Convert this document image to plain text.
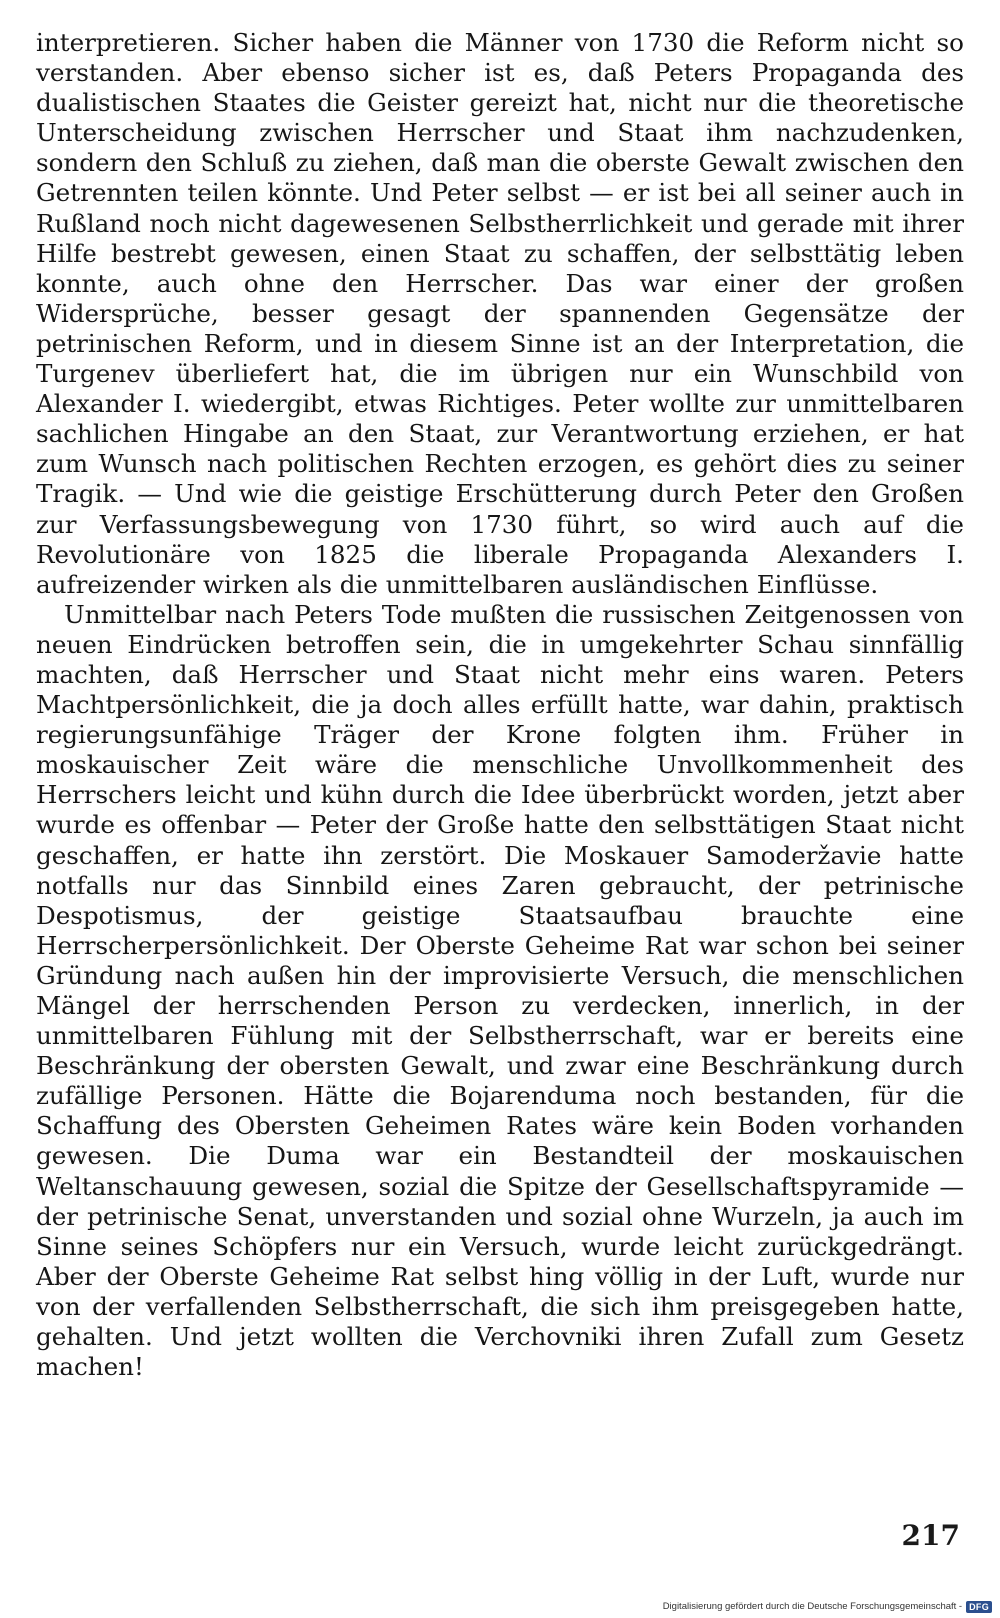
interpretieren. Sicher haben die Männer von 1730 die Reform nicht so verstanden. Aber ebenso sicher ist es, daß Peters Propaganda des dualistischen Staates die Geister gereizt hat, nicht nur die theoretische Unterscheidung zwischen Herrscher und Staat ihm nachzudenken, sondern den Schluß zu ziehen, daß man die oberste Gewalt zwischen den Getrennten teilen könnte. Und Peter selbst — er ist bei all seiner auch in Rußland noch nicht dagewesenen Selbstherrlichkeit und gerade mit ihrer Hilfe bestrebt gewesen, einen Staat zu schaffen, der selbsttätig leben konnte, auch ohne den Herrscher. Das war einer der großen Widersprüche, besser gesagt der spannenden Gegensätze der petrinischen Reform, und in diesem Sinne ist an der Interpretation, die Turgenev überliefert hat, die im übrigen nur ein Wunschbild von Alexander I. wiedergibt, etwas Richtiges. Peter wollte zur unmittelbaren sachlichen Hingabe an den Staat, zur Verantwortung erziehen, er hat zum Wunsch nach politischen Rechten erzogen, es gehört dies zu seiner Tragik. — Und wie die geistige Erschütterung durch Peter den Großen zur Verfassungsbewegung von 1730 führt, so wird auch auf die Revolutionäre von 1825 die liberale Propaganda Alexanders I. aufreizender wirken als die unmittelbaren ausländischen Einflüsse.

Unmittelbar nach Peters Tode mußten die russischen Zeitgenossen von neuen Eindrücken betroffen sein, die in umgekehrter Schau sinnfällig machten, daß Herrscher und Staat nicht mehr eins waren. Peters Machtpersönlichkeit, die ja doch alles erfüllt hatte, war dahin, praktisch regierungsunfähige Träger der Krone folgten ihm. Früher in moskauischer Zeit wäre die menschliche Unvollkommenheit des Herrschers leicht und kühn durch die Idee überbrückt worden, jetzt aber wurde es offenbar — Peter der Große hatte den selbsttätigen Staat nicht geschaffen, er hatte ihn zerstört. Die Moskauer Samoderžavie hatte notfalls nur das Sinnbild eines Zaren gebraucht, der petrinische Despotismus, der geistige Staatsaufbau brauchte eine Herrscherpersönlichkeit. Der Oberste Geheime Rat war schon bei seiner Gründung nach außen hin der improvisierte Versuch, die menschlichen Mängel der herrschenden Person zu verdecken, innerlich, in der unmittelbaren Fühlung mit der Selbstherrschaft, war er bereits eine Beschränkung der obersten Gewalt, und zwar eine Beschränkung durch zufällige Personen. Hätte die Bojarenduma noch bestanden, für die Schaffung des Obersten Geheimen Rates wäre kein Boden vorhanden gewesen. Die Duma war ein Bestandteil der moskauischen Weltanschauung gewesen, sozial die Spitze der Gesellschaftspyramide — der petrinische Senat, unverstanden und sozial ohne Wurzeln, ja auch im Sinne seines Schöpfers nur ein Versuch, wurde leicht zurückgedrängt. Aber der Oberste Geheime Rat selbst hing völlig in der Luft, wurde nur von der verfallenden Selbstherrschaft, die sich ihm preisgegeben hatte, gehalten. Und jetzt wollten die Verchovniki ihren Zufall zum Gesetz machen!

217
Digitalisierung gefördert durch die Deutsche Forschungsgemeinschaft - DFG
